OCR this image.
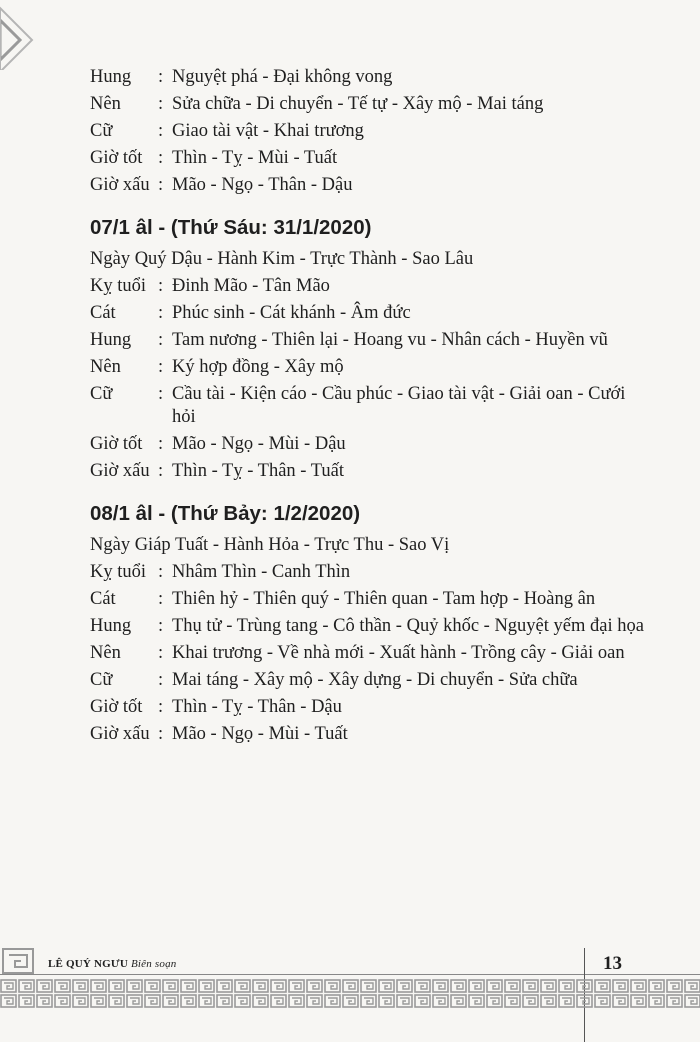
Hung	: Nguyệt phá - Đại không vong
Nên	: Sửa chữa - Di chuyển - Tế tự - Xây mộ - Mai táng
Cữ	: Giao tài vật - Khai trương
Giờ tốt : Thìn - Tỵ - Mùi - Tuất
Giờ xấu : Mão - Ngọ - Thân - Dậu
07/1 âl - (Thứ Sáu: 31/1/2020)
Ngày Quý Dậu - Hành Kim - Trực Thành - Sao Lâu
Kỵ tuổi : Đinh Mão - Tân Mão
Cát	: Phúc sinh - Cát khánh - Âm đức
Hung	: Tam nương - Thiên lại - Hoang vu - Nhân cách - Huyền vũ
Nên	: Ký hợp đồng - Xây mộ
Cữ	: Cầu tài - Kiện cáo - Cầu phúc - Giao tài vật - Giải oan - Cưới hỏi
Giờ tốt : Mão - Ngọ - Mùi - Dậu
Giờ xấu : Thìn - Tỵ - Thân - Tuất
08/1 âl - (Thứ Bảy: 1/2/2020)
Ngày Giáp Tuất - Hành Hỏa - Trực Thu - Sao Vị
Kỵ tuổi : Nhâm Thìn - Canh Thìn
Cát	: Thiên hỷ - Thiên quý - Thiên quan - Tam hợp - Hoàng ân
Hung	: Thụ tử - Trùng tang - Cô thần - Quỷ khốc - Nguyệt yếm đại họa
Nên	: Khai trương - Về nhà mới - Xuất hành - Trồng cây - Giải oan
Cữ	: Mai táng - Xây mộ - Xây dựng - Di chuyển - Sửa chữa
Giờ tốt : Thìn - Tỵ - Thân - Dậu
Giờ xấu : Mão - Ngọ - Mùi - Tuất
LÊ QUÝ NGƯU Biên soạn	13
